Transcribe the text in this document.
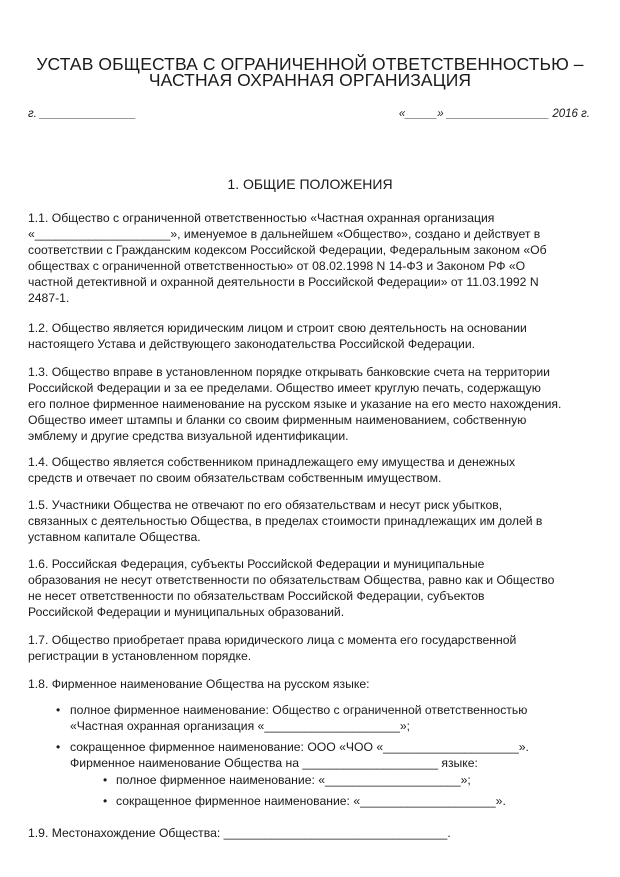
УСТАВ ОБЩЕСТВА С ОГРАНИЧЕННОЙ ОТВЕТСТВЕННОСТЬЮ –
ЧАСТНАЯ ОХРАННАЯ ОРГАНИЗАЦИЯ
г. _______________	«_____» ________________ 2016 г.
1. ОБЩИЕ ПОЛОЖЕНИЯ
1.1. Общество с ограниченной ответственностью «Частная охранная организация
«____________________», именуемое в дальнейшем «Общество», создано и действует в
соответствии с Гражданским кодексом Российской Федерации, Федеральным законом «Об
обществах с ограниченной ответственностью» от 08.02.1998 N 14-ФЗ и Законом РФ «О
частной детективной и охранной деятельности в Российской Федерации» от 11.03.1992 N
2487-1.
1.2. Общество является юридическим лицом и строит свою деятельность на основании
настоящего Устава и действующего законодательства Российской Федерации.
1.3. Общество вправе в установленном порядке открывать банковские счета на территории
Российской Федерации и за ее пределами. Общество имеет круглую печать, содержащую
его полное фирменное наименование на русском языке и указание на его место нахождения.
Общество имеет штампы и бланки со своим фирменным наименованием, собственную
эмблему и другие средства визуальной идентификации.
1.4. Общество является собственником принадлежащего ему имущества и денежных
средств и отвечает по своим обязательствам собственным имуществом.
1.5. Участники Общества не отвечают по его обязательствам и несут риск убытков,
связанных с деятельностью Общества, в пределах стоимости принадлежащих им долей в
уставном капитале Общества.
1.6. Российская Федерация, субъекты Российской Федерации и муниципальные
образования не несут ответственности по обязательствам Общества, равно как и Общество
не несет ответственности по обязательствам Российской Федерации, субъектов
Российской Федерации и муниципальных образований.
1.7. Общество приобретает права юридического лица с момента его государственной
регистрации в установленном порядке.
1.8. Фирменное наименование Общества на русском языке:
• полное фирменное наименование: Общество с ограниченной ответственностью
«Частная охранная организация «____________________»;
• сокращенное фирменное наименование: ООО «ЧОО «____________________».
Фирменное наименование Общества на ____________________ языке:
• полное фирменное наименование: «____________________»;
• сокращенное фирменное наименование: «____________________».
1.9. Местонахождение Общества: _________________________________.
